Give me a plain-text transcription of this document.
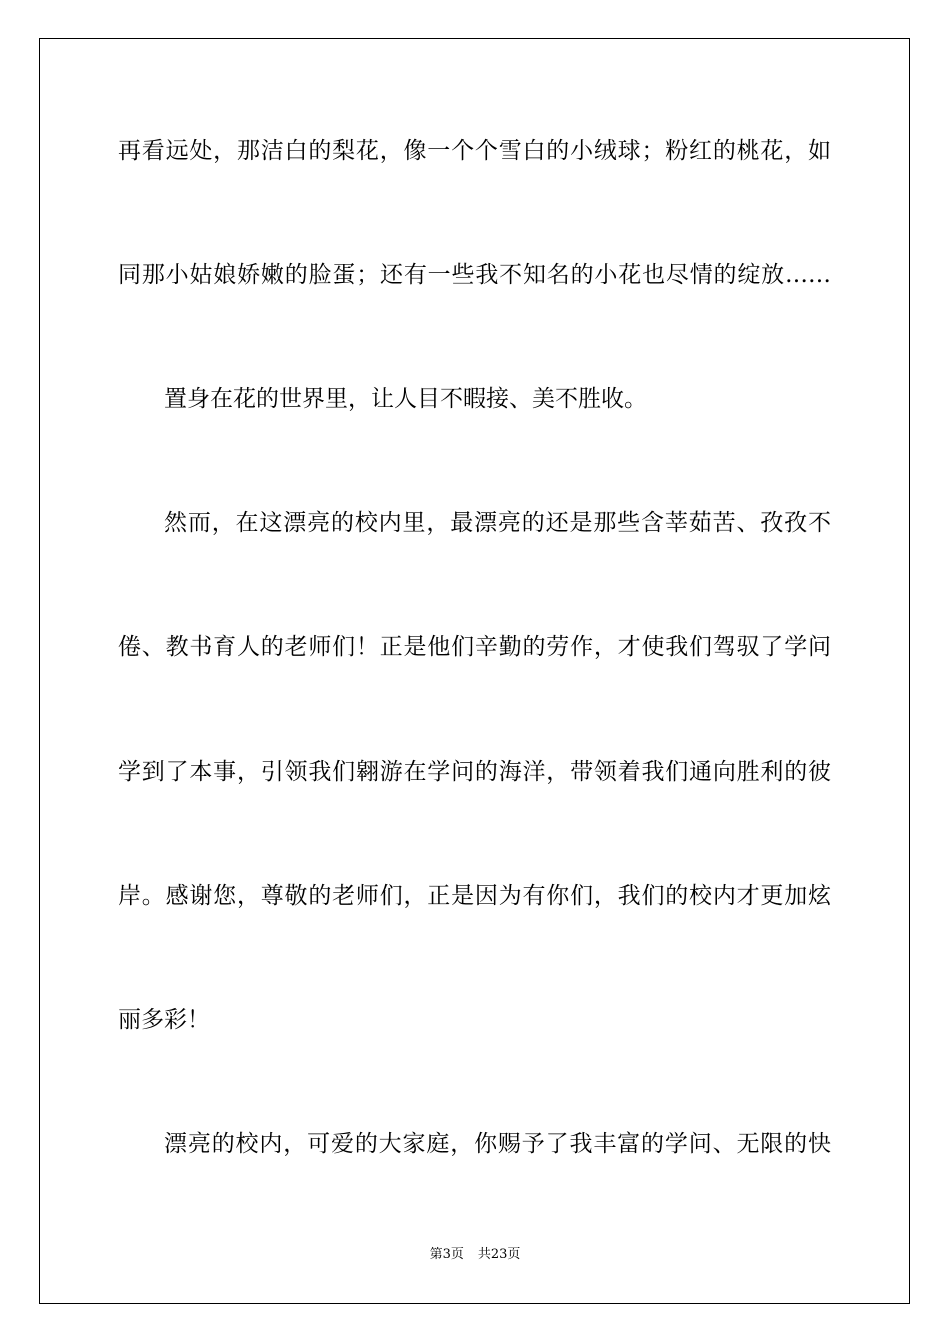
再看远处，那洁白的梨花，像一个个雪白的小绒球；粉红的桃花，如
同那小姑娘娇嫩的脸蛋；还有一些我不知名的小花也尽情的绽放……
置身在花的世界里，让人目不暇接、美不胜收。
然而，在这漂亮的校内里，最漂亮的还是那些含莘茹苦、孜孜不
倦、教书育人的老师们！正是他们辛勤的劳作，才使我们驾驭了学问
学到了本事，引领我们翱游在学问的海洋，带领着我们通向胜利的彼
岸。感谢您，尊敬的老师们，正是因为有你们，我们的校内才更加炫
丽多彩！
漂亮的校内，可爱的大家庭，你赐予了我丰富的学问、无限的快
第3页 共23页
